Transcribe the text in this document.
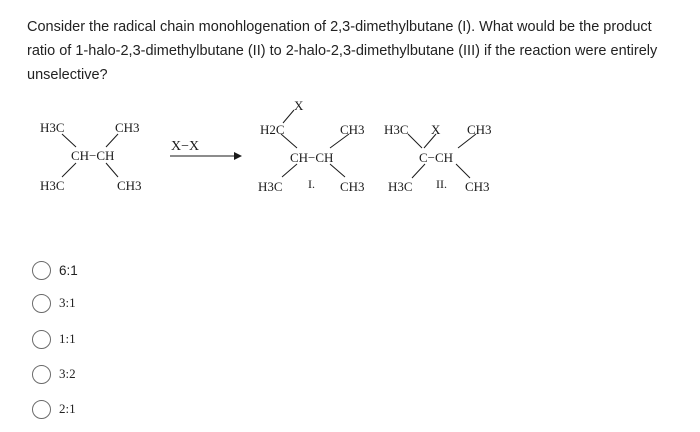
Consider the radical chain monohlogenation of 2,3-dimethylbutane (I). What would be the product ratio of 1-halo-2,3-dimethylbutane (II) to 2-halo-2,3-dimethylbutane (III) if the reaction were entirely unselective?
H3C	CH3
CH−CH
H3C	CH3
X−X
X
H2C	CH3
CH−CH
H3C I. CH3
H3C X CH3
C−CH
H3C II. CH3
6:1
3:1
1:1
3:2
2:1
